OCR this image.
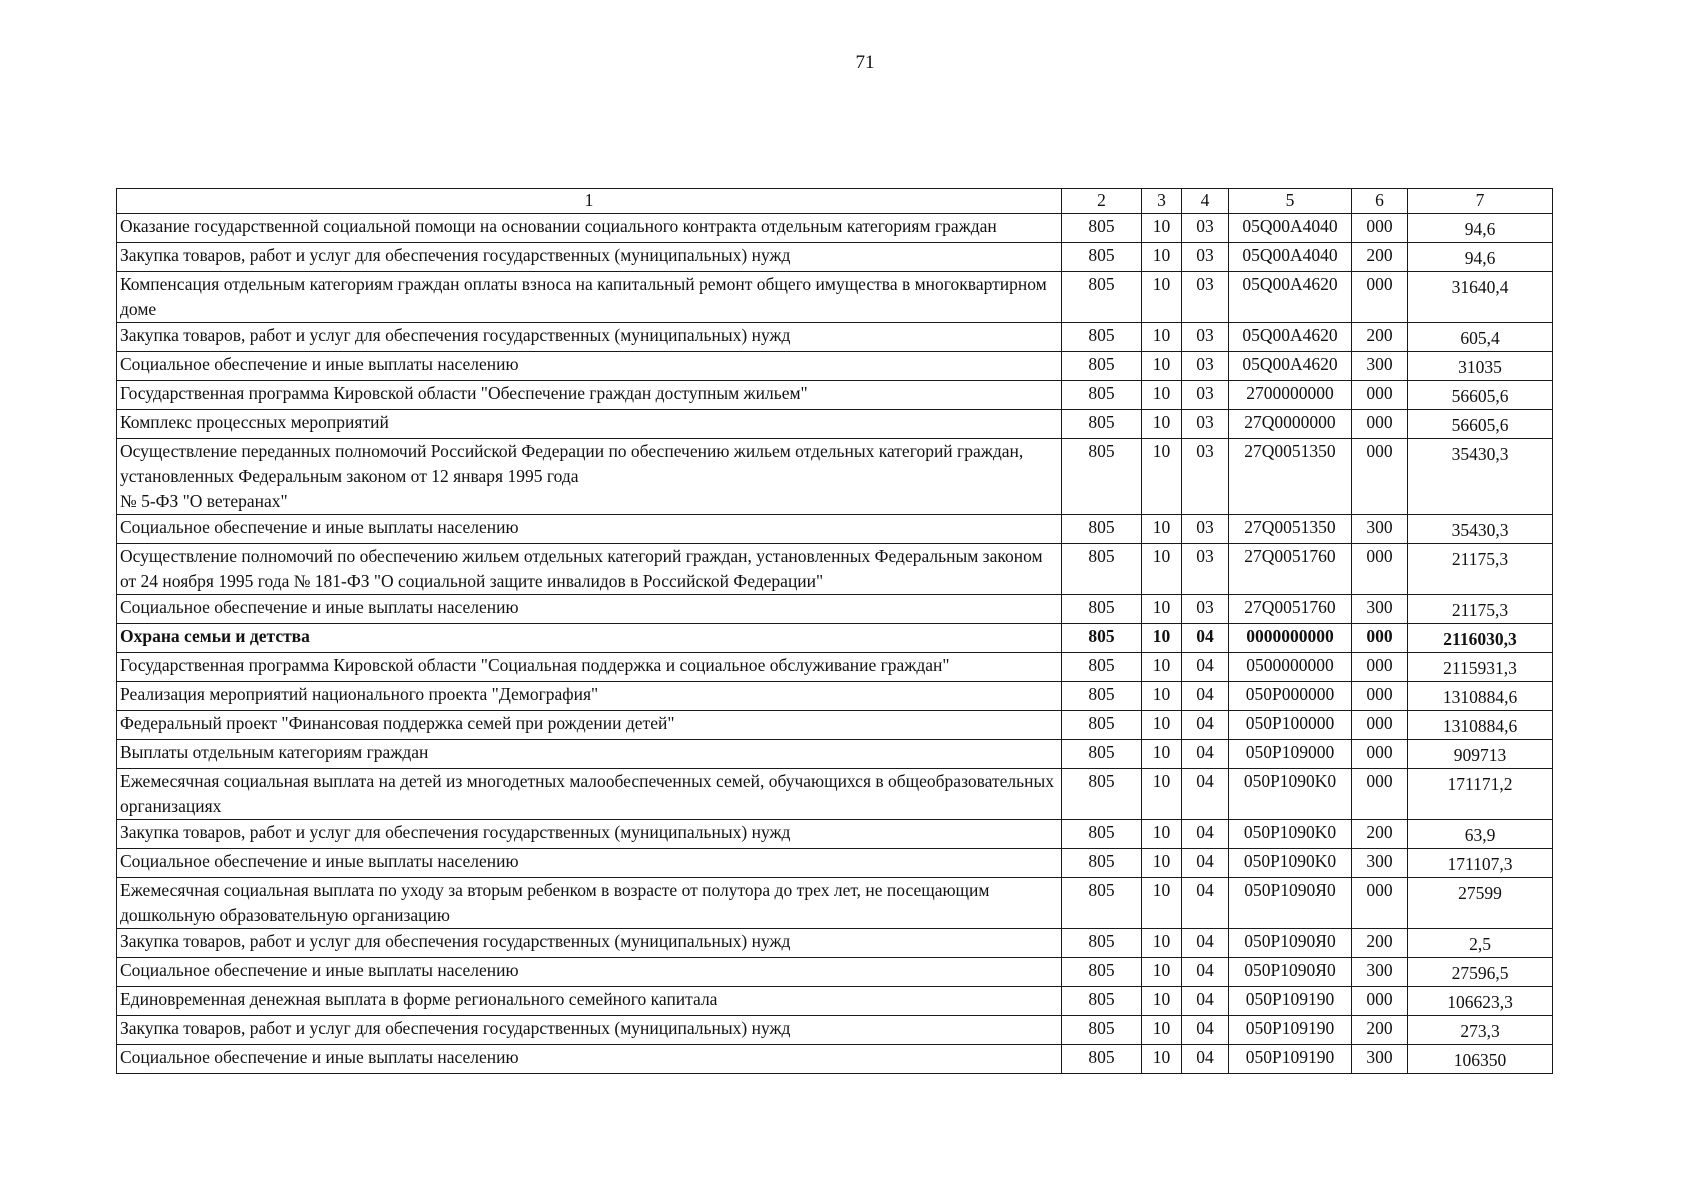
71
1	2	3	4	5	6	7
Оказание государственной социальной помощи на основании социального контракта отдельным категориям граждан	805	10	03	05Q00A4040	000	94,6
Закупка товаров, работ и услуг для обеспечения государственных (муниципальных) нужд	805	10	03	05Q00A4040	200	94,6
Компенсация отдельным категориям граждан оплаты взноса на капитальный ремонт общего имущества в многоквартирном доме	805	10	03	05Q00A4620	000	31640,4
Закупка товаров, работ и услуг для обеспечения государственных (муниципальных) нужд	805	10	03	05Q00A4620	200	605,4
Социальное обеспечение и иные выплаты населению	805	10	03	05Q00A4620	300	31035
Государственная программа Кировской области "Обеспечение граждан доступным жильем"	805	10	03	2700000000	000	56605,6
Комплекс процессных мероприятий	805	10	03	27Q0000000	000	56605,6
Осуществление переданных полномочий Российской Федерации по обеспечению жильем отдельных категорий граждан, установленных Федеральным законом от 12 января 1995 года
№ 5-ФЗ "О ветеранах"	805	10	03	27Q0051350	000	35430,3
Социальное обеспечение и иные выплаты населению	805	10	03	27Q0051350	300	35430,3
Осуществление полномочий по обеспечению жильем отдельных категорий граждан, установленных Федеральным законом от 24 ноября 1995 года № 181-ФЗ "О социальной защите инвалидов в Российской Федерации"	805	10	03	27Q0051760	000	21175,3
Социальное обеспечение и иные выплаты населению	805	10	03	27Q0051760	300	21175,3
Охрана семьи и детства	805	10	04	0000000000	000	2116030,3
Государственная программа Кировской области "Социальная поддержка и социальное обслуживание граждан"	805	10	04	0500000000	000	2115931,3
Реализация мероприятий национального проекта "Демография"	805	10	04	050P000000	000	1310884,6
Федеральный проект "Финансовая поддержка семей при рождении детей"	805	10	04	050P100000	000	1310884,6
Выплаты отдельным категориям граждан	805	10	04	050P109000	000	909713
Ежемесячная социальная выплата на детей из многодетных малообеспеченных семей, обучающихся в общеобразовательных организациях	805	10	04	050P1090K0	000	171171,2
Закупка товаров, работ и услуг для обеспечения государственных (муниципальных) нужд	805	10	04	050P1090K0	200	63,9
Социальное обеспечение и иные выплаты населению	805	10	04	050P1090K0	300	171107,3
Ежемесячная социальная выплата по уходу за вторым ребенком в возрасте от полутора до трех лет, не посещающим дошкольную образовательную организацию	805	10	04	050P1090Я0	000	27599
Закупка товаров, работ и услуг для обеспечения государственных (муниципальных) нужд	805	10	04	050P1090Я0	200	2,5
Социальное обеспечение и иные выплаты населению	805	10	04	050P1090Я0	300	27596,5
Единовременная денежная выплата в форме регионального семейного капитала	805	10	04	050P109190	000	106623,3
Закупка товаров, работ и услуг для обеспечения государственных (муниципальных) нужд	805	10	04	050P109190	200	273,3
Социальное обеспечение и иные выплаты населению	805	10	04	050P109190	300	106350
